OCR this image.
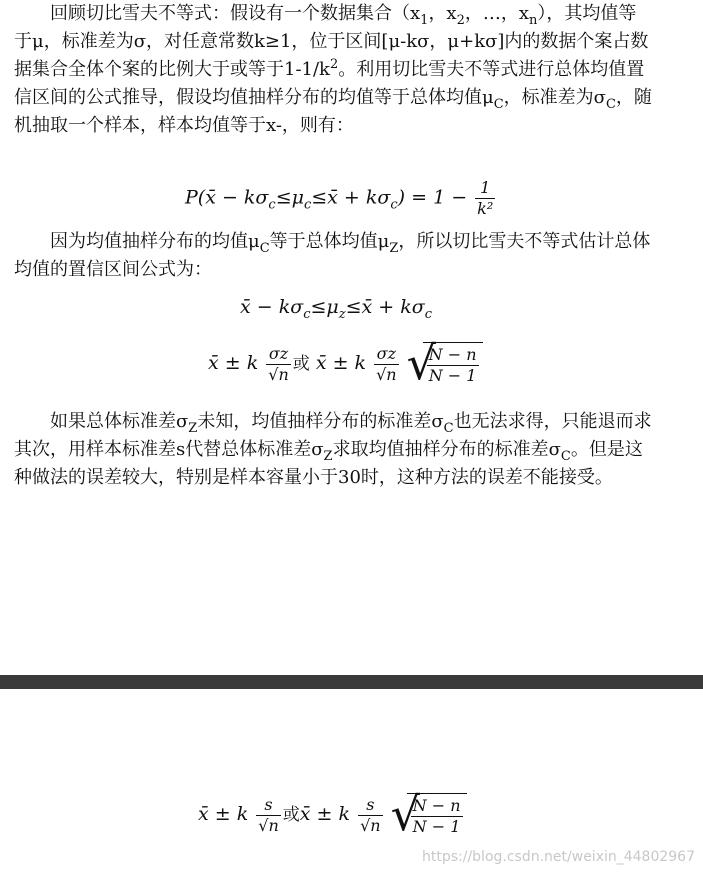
回顾切比雪夫不等式：假设有一个数据集合（$x_1$，$x_2$，…，$x_n$），其均值等于μ，标准差为σ，对任意常数k≥1，位于区间[μ-kσ，μ+kσ]内的数据个案占数据集合全体个案的比例大于或等于$1-1/k^2$。利用切比雪夫不等式进行总体均值置信区间的公式推导，假设均值抽样分布的均值等于总体均值$\mu_C$，标准差为$\sigma_C$，随机抽取一个样本，样本均值等于x-，则有：

P(x̄ − $k\sigma_c\le\mu_c\le x̄ + k\sigma_c) = 1 - \frac{1}{\text{k²}}$

因为均值抽样分布的均值$\mu_C$等于总体均值$\mu_Z$，所以切比雪夫不等式估计总体均值的置信区间公式为：

x̄ − $k\sigma_c\le\mu_z\le x̄ + k\sigma_c$
x̄ ± k $\frac{\sigma z}{√n}$ 或 x̄ ± k $\frac{\sigma z}{√n}$
√
$\frac{N - n}{N - 1}$

如果总体标准差$\sigma_Z$未知，均值抽样分布的标准差$\sigma_C$也无法求得，只能退而求其次，用样本标准差s代替总体标准差$\sigma_Z$求取均值抽样分布的标准差$\sigma_C$。但是这种做法的误差较大，特别是样本容量小于30时，这种方法的误差不能接受。

x̄ ± k $\frac{s}{√n}$ 或x̄ ± k $\frac{s}{√n}$
√
$\frac{N - n}{N - 1}$
https://blog.csdn.net/weixin_44802967
